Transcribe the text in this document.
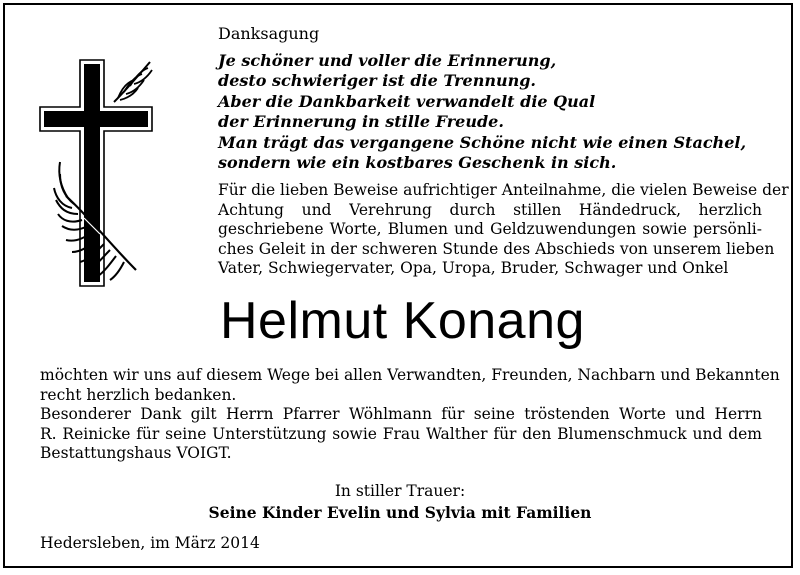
Danksagung
Je schöner und voller die Erinnerung,
desto schwieriger ist die Trennung.
Aber die Dankbarkeit verwandelt die Qual
der Erinnerung in stille Freude.
Man trägt das vergangene Schöne nicht wie einen Stachel,
sondern wie ein kostbares Geschenk in sich.
Für die lieben Beweise aufrichtiger Anteilnahme, die vielen Beweise der
Achtung und Verehrung durch stillen Händedruck, herzlich
geschriebene Worte, Blumen und Geldzuwendungen sowie persönli-
ches Geleit in der schweren Stunde des Abschieds von unserem lieben
Vater, Schwiegervater, Opa, Uropa, Bruder, Schwager und Onkel
Helmut Konang
möchten wir uns auf diesem Wege bei allen Verwandten, Freunden, Nachbarn und Bekannten
recht herzlich bedanken.
Besonderer Dank gilt Herrn Pfarrer Wöhlmann für seine tröstenden Worte und Herrn
R. Reinicke für seine Unterstützung sowie Frau Walther für den Blumenschmuck und dem
Bestattungshaus VOIGT.
In stiller Trauer:
Seine Kinder Evelin und Sylvia mit Familien
Hedersleben, im März 2014
